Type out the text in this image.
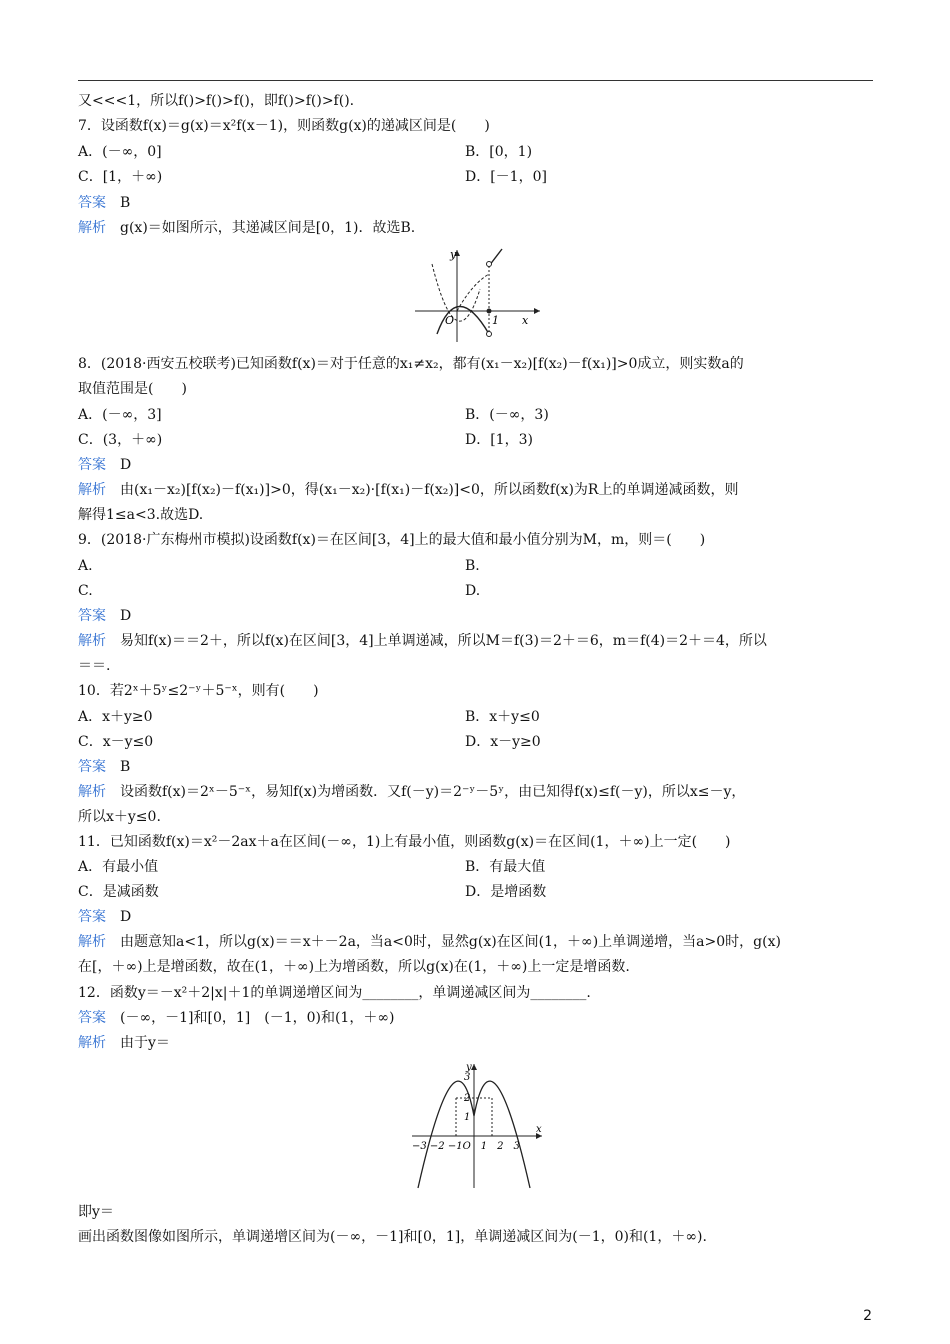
又<<<1，所以f()>f()>f()，即f()>f()>f().
7．设函数f(x)＝g(x)＝x²f(x－1)，则函数g(x)的递减区间是(　　)
A．(－∞，0]	B．[0，1)
C．[1，＋∞)	D．[－1，0]
答案 B
解析 g(x)＝如图所示，其递减区间是[0，1)．故选B.
y
x
O	1
8．(2018·西安五校联考)已知函数f(x)＝对于任意的x₁≠x₂，都有(x₁－x₂)[f(x₂)－f(x₁)]>0成立，则实数a的
取值范围是(　　)
A．(－∞，3]	B．(－∞，3)
C．(3，＋∞)	D．[1，3)
答案 D
解析 由(x₁－x₂)[f(x₂)－f(x₁)]>0，得(x₁－x₂)·[f(x₁)－f(x₂)]<0，所以函数f(x)为R上的单调递减函数，则
解得1≤a<3.故选D.
9．(2018·广东梅州市模拟)设函数f(x)＝在区间[3，4]上的最大值和最小值分别为M，m，则＝(　　)
A.	B.
C.	D.
答案 D
解析 易知f(x)＝＝2＋，所以f(x)在区间[3，4]上单调递减，所以M＝f(3)＝2＋＝6，m＝f(4)＝2＋＝4，所以
＝＝.
10．若2ˣ＋5ʸ≤2⁻ʸ＋5⁻ˣ，则有(　　)
A．x＋y≥0	B．x＋y≤0
C．x－y≤0	D．x－y≥0
答案 B
解析 设函数f(x)＝2ˣ－5⁻ˣ，易知f(x)为增函数．又f(－y)＝2⁻ʸ－5ʸ，由已知得f(x)≤f(－y)，所以x≤－y，
所以x＋y≤0.
11．已知函数f(x)＝x²－2ax＋a在区间(－∞，1)上有最小值，则函数g(x)＝在区间(1，＋∞)上一定(　　)
A．有最小值	B．有最大值
C．是减函数	D．是增函数
答案 D
解析 由题意知a<1，所以g(x)＝＝x＋－2a，当a<0时，显然g(x)在区间(1，＋∞)上单调递增，当a>0时，g(x)
在[，＋∞)上是增函数，故在(1，＋∞)上为增函数，所以g(x)在(1，＋∞)上一定是增函数.
12．函数y＝－x²＋2|x|＋1的单调递增区间为________，单调递减区间为________.
答案 (－∞，－1]和[0，1]　(－1，0)和(1，＋∞)
解析 由于y＝
y
x
3
2
1
−3 −2 −1O　1　2　3
即y＝
画出函数图像如图所示，单调递增区间为(－∞，－1]和[0，1]，单调递减区间为(－1，0)和(1，＋∞).
2
